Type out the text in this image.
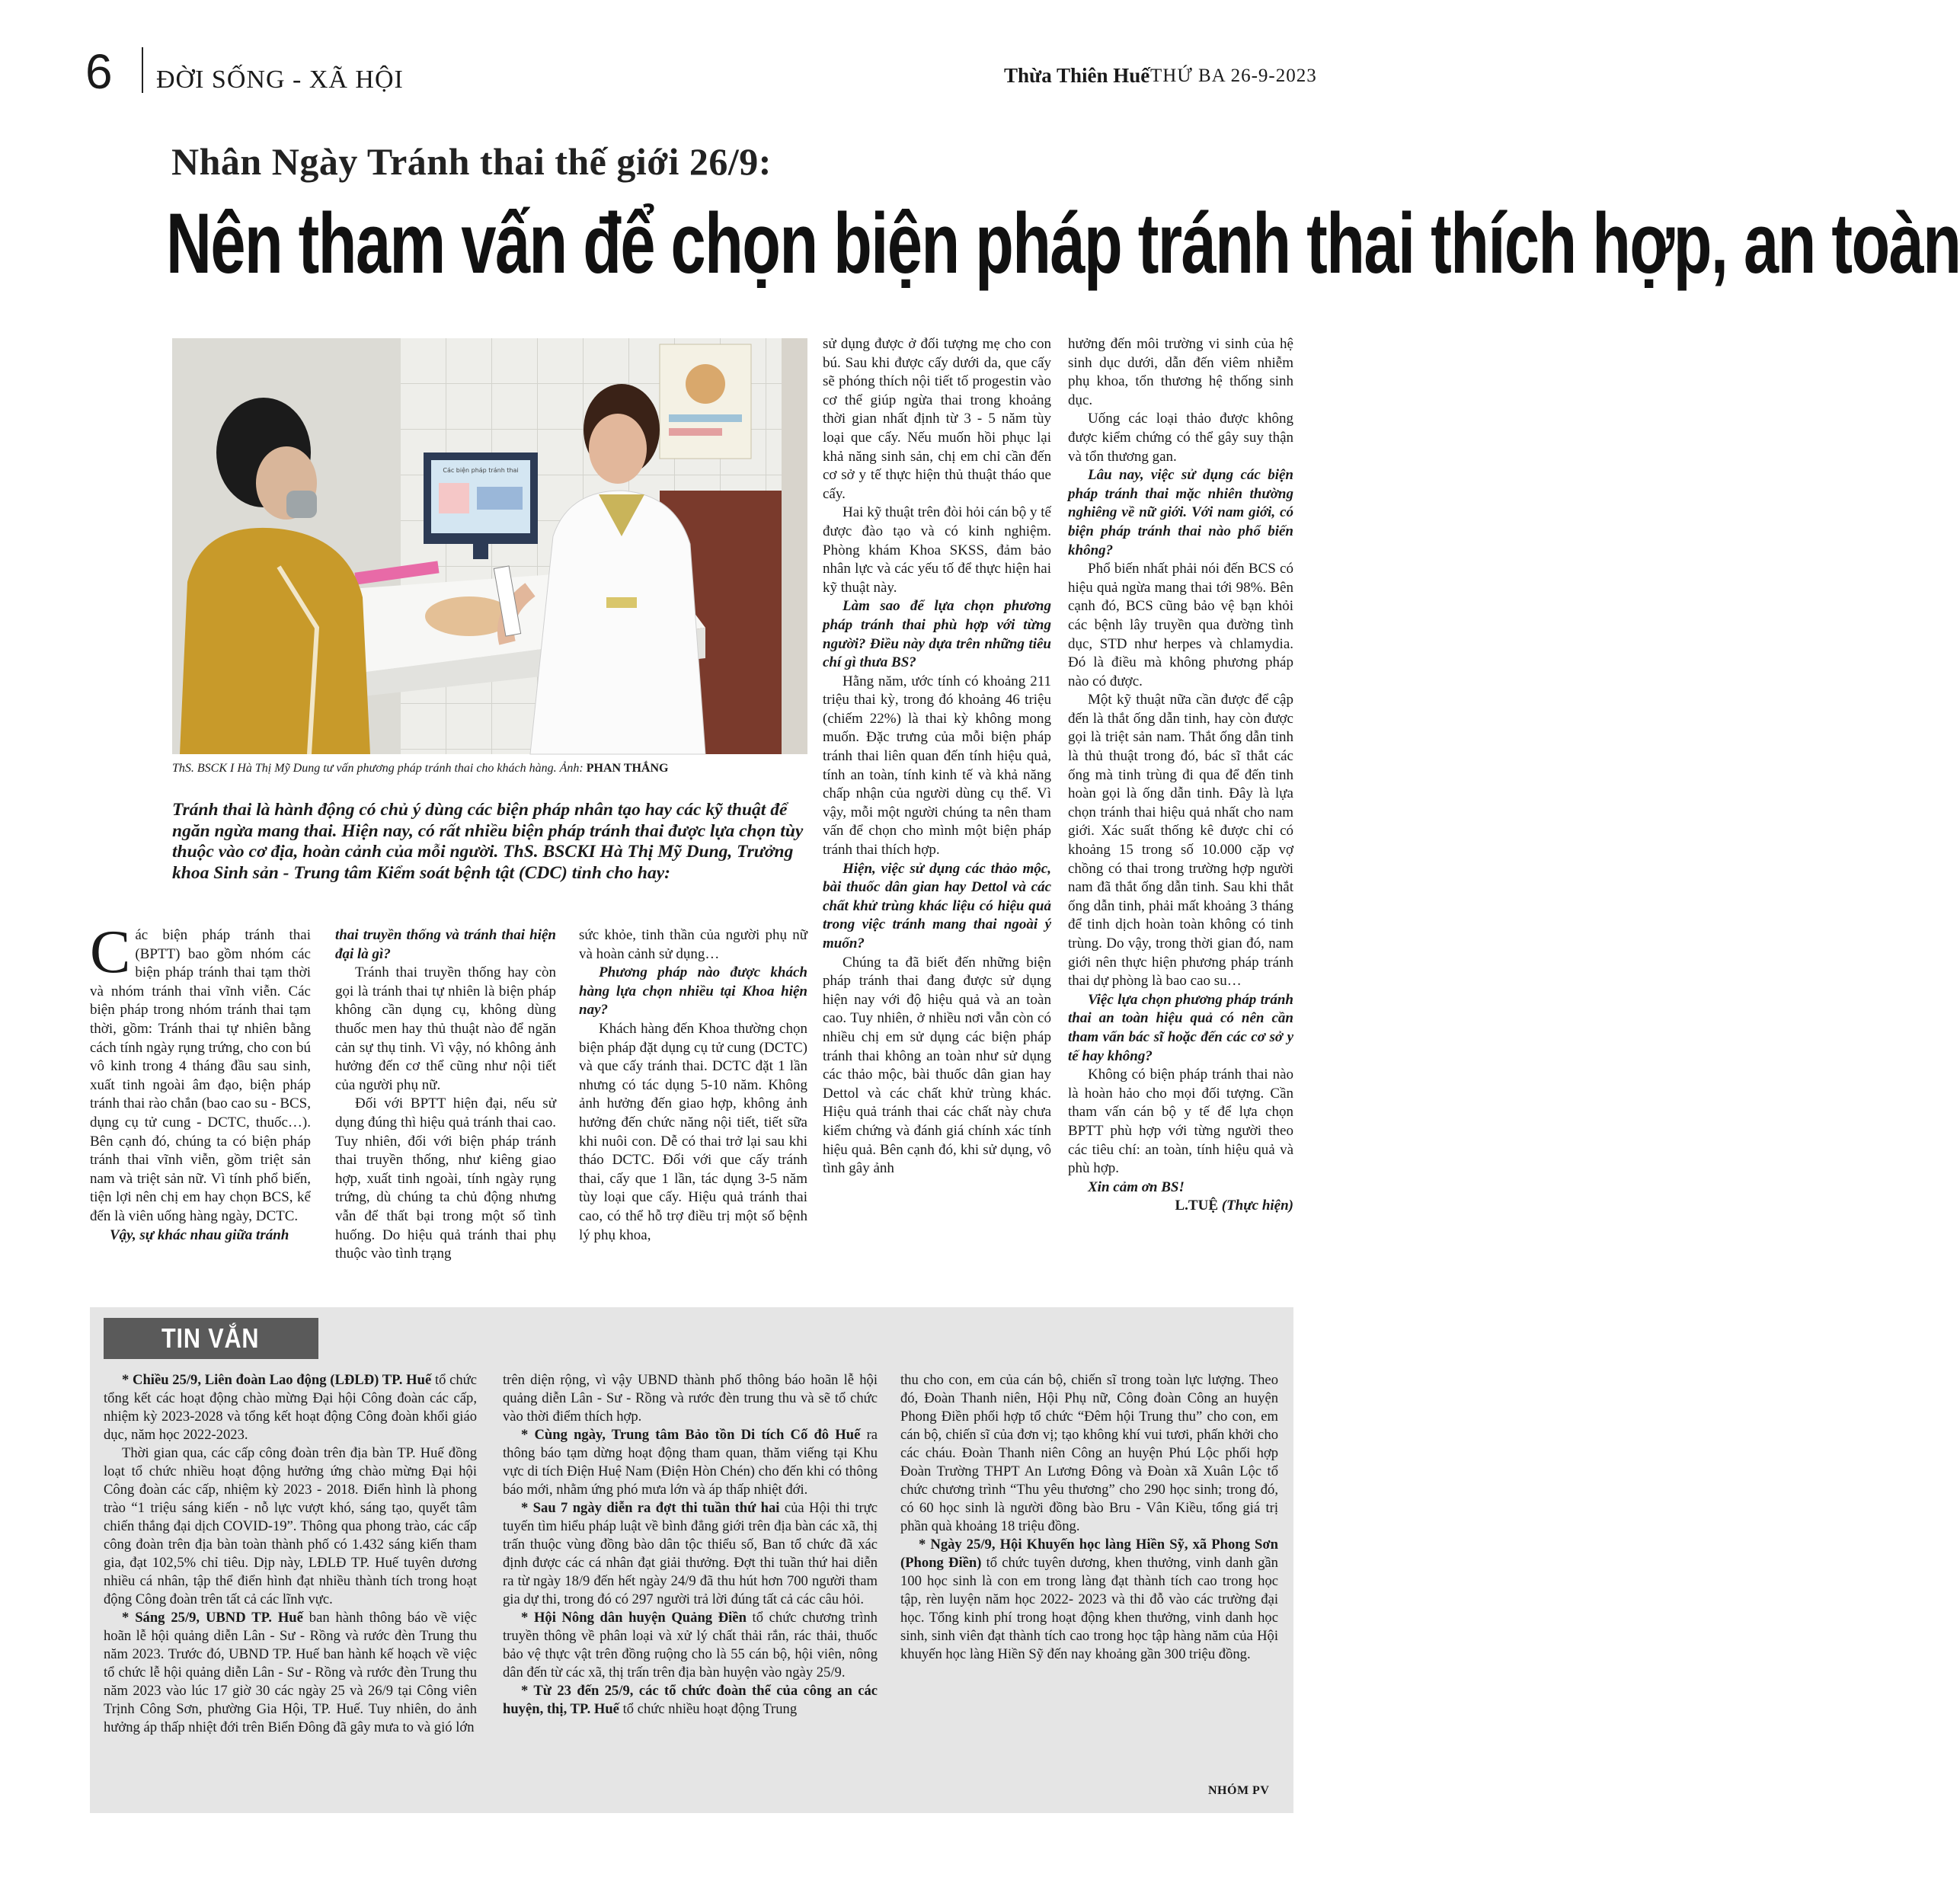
6 ĐỜI SỐNG - XÃ HỘI	Thừa Thiên Huế THỨ BA 26-9-2023
Nhân Ngày Tránh thai thế giới 26/9:
Nên tham vấn để chọn biện pháp tránh thai thích hợp, an toàn
Các biện pháp tránh thai
ThS. BSCK I Hà Thị Mỹ Dung tư vấn phương pháp tránh thai cho khách hàng. Ảnh: PHAN THẮNG
Tránh thai là hành động có chủ ý dùng các biện pháp nhân tạo hay các kỹ thuật để ngăn ngừa mang thai. Hiện nay, có rất nhiều biện pháp tránh thai được lựa chọn tùy thuộc vào cơ địa, hoàn cảnh của mỗi người. ThS. BSCKI Hà Thị Mỹ Dung, Trưởng khoa Sinh sản - Trung tâm Kiểm soát bệnh tật (CDC) tỉnh cho hay:

Các biện pháp tránh thai (BPTT) bao gồm nhóm các biện pháp tránh thai tạm thời và nhóm tránh thai vĩnh viễn. Các biện pháp trong nhóm tránh thai tạm thời, gồm: Tránh thai tự nhiên bằng cách tính ngày rụng trứng, cho con bú vô kinh trong 4 tháng đầu sau sinh, xuất tinh ngoài âm đạo, biện pháp tránh thai rào chắn (bao cao su - BCS, dụng cụ tử cung - DCTC, thuốc…). Bên cạnh đó, chúng ta có biện pháp tránh thai vĩnh viễn, gồm triệt sản nam và triệt sản nữ. Vì tính phổ biến, tiện lợi nên chị em hay chọn BCS, kể đến là viên uống hàng ngày, DCTC.

Vậy, sự khác nhau giữa tránh

thai truyền thống và tránh thai hiện đại là gì?

Tránh thai truyền thống hay còn gọi là tránh thai tự nhiên là biện pháp không cần dụng cụ, không dùng thuốc men hay thủ thuật nào để ngăn cản sự thụ tinh. Vì vậy, nó không ảnh hưởng đến cơ thể cũng như nội tiết của người phụ nữ.

Đối với BPTT hiện đại, nếu sử dụng đúng thì hiệu quả tránh thai cao. Tuy nhiên, đối với biện pháp tránh thai truyền thống, như kiêng giao hợp, xuất tinh ngoài, tính ngày rụng trứng, dù chúng ta chủ động nhưng vẫn để thất bại trong một số tình huống. Do hiệu quả tránh thai phụ thuộc vào tình trạng

sức khỏe, tinh thần của người phụ nữ và hoàn cảnh sử dụng…

Phương pháp nào được khách hàng lựa chọn nhiều tại Khoa hiện nay?

Khách hàng đến Khoa thường chọn biện pháp đặt dụng cụ tử cung (DCTC) và que cấy tránh thai. DCTC đặt 1 lần nhưng có tác dụng 5-10 năm. Không ảnh hưởng đến giao hợp, không ảnh hưởng đến chức năng nội tiết, tiết sữa khi nuôi con. Dễ có thai trở lại sau khi tháo DCTC. Đối với que cấy tránh thai, cấy que 1 lần, tác dụng 3-5 năm tùy loại que cấy. Hiệu quả tránh thai cao, có thể hỗ trợ điều trị một số bệnh lý phụ khoa,

sử dụng được ở đối tượng mẹ cho con bú. Sau khi được cấy dưới da, que cấy sẽ phóng thích nội tiết tố progestin vào cơ thể giúp ngừa thai trong khoảng thời gian nhất định từ 3 - 5 năm tùy loại que cấy. Nếu muốn hồi phục lại khả năng sinh sản, chị em chỉ cần đến cơ sở y tế thực hiện thủ thuật tháo que cấy.

Hai kỹ thuật trên đòi hỏi cán bộ y tế được đào tạo và có kinh nghiệm. Phòng khám Khoa SKSS, đảm bảo nhân lực và các yếu tố để thực hiện hai kỹ thuật này.

Làm sao để lựa chọn phương pháp tránh thai phù hợp với từng người? Điều này dựa trên những tiêu chí gì thưa BS?

Hằng năm, ước tính có khoảng 211 triệu thai kỳ, trong đó khoảng 46 triệu (chiếm 22%) là thai kỳ không mong muốn. Đặc trưng của mỗi biện pháp tránh thai liên quan đến tính hiệu quả, tính an toàn, tính kinh tế và khả năng chấp nhận của người dùng cụ thể. Vì vậy, mỗi một người chúng ta nên tham vấn để chọn cho mình một biện pháp tránh thai thích hợp.

Hiện, việc sử dụng các thảo mộc, bài thuốc dân gian hay Dettol và các chất khử trùng khác liệu có hiệu quả trong việc tránh mang thai ngoài ý muốn?

Chúng ta đã biết đến những biện pháp tránh thai đang được sử dụng hiện nay với độ hiệu quả và an toàn cao. Tuy nhiên, ở nhiều nơi vẫn còn có nhiều chị em sử dụng các biện pháp tránh thai không an toàn như sử dụng các thảo mộc, bài thuốc dân gian hay Dettol và các chất khử trùng khác. Hiệu quả tránh thai các chất này chưa kiểm chứng và đánh giá chính xác tính hiệu quả. Bên cạnh đó, khi sử dụng, vô tình gây ảnh

hưởng đến môi trường vi sinh của hệ sinh dục dưới, dẫn đến viêm nhiễm phụ khoa, tổn thương hệ thống sinh dục.

Uống các loại thảo được không được kiểm chứng có thể gây suy thận và tổn thương gan.

Lâu nay, việc sử dụng các biện pháp tránh thai mặc nhiên thường nghiêng về nữ giới. Với nam giới, có biện pháp tránh thai nào phổ biến không?

Phổ biến nhất phải nói đến BCS có hiệu quả ngừa mang thai tới 98%. Bên cạnh đó, BCS cũng bảo vệ bạn khỏi các bệnh lây truyền qua đường tình dục, STD như herpes và chlamydia. Đó là điều mà không phương pháp nào có được.

Một kỹ thuật nữa cần được để cập đến là thắt ống dẫn tinh, hay còn được gọi là triệt sản nam. Thắt ống dẫn tinh là thủ thuật trong đó, bác sĩ thắt các ống mà tinh trùng đi qua để đến tinh hoàn gọi là ống dẫn tinh. Đây là lựa chọn tránh thai hiệu quả nhất cho nam giới. Xác suất thống kê được chỉ có khoảng 15 trong số 10.000 cặp vợ chồng có thai trong trường hợp người nam đã thắt ống dẫn tinh. Sau khi thắt ống dẫn tinh, phải mất khoảng 3 tháng để tinh dịch hoàn toàn không có tinh trùng. Do vậy, trong thời gian đó, nam giới nên thực hiện phương pháp tránh thai dự phòng là bao cao su…

Việc lựa chọn phương pháp tránh thai an toàn hiệu quả có nên cần tham vấn bác sĩ hoặc đến các cơ sở y tế hay không?

Không có biện pháp tránh thai nào là hoàn hảo cho mọi đối tượng. Cần tham vấn cán bộ y tế để lựa chọn BPTT phù hợp với từng người theo các tiêu chí: an toàn, tính hiệu quả và phù hợp.

Xin cảm ơn BS!

L.TUỆ (Thực hiện)

TIN VẮN

* Chiều 25/9, Liên đoàn Lao động (LĐLĐ) TP. Huế tổ chức tổng kết các hoạt động chào mừng Đại hội Công đoàn các cấp, nhiệm kỳ 2023-2028 và tổng kết hoạt động Công đoàn khối giáo dục, năm học 2022-2023.

Thời gian qua, các cấp công đoàn trên địa bàn TP. Huế đồng loạt tổ chức nhiều hoạt động hưởng ứng chào mừng Đại hội Công đoàn các cấp, nhiệm kỳ 2023 - 2018. Điển hình là phong trào “1 triệu sáng kiến - nỗ lực vượt khó, sáng tạo, quyết tâm chiến thắng đại dịch COVID-19”. Thông qua phong trào, các cấp công đoàn trên địa bàn toàn thành phố có 1.432 sáng kiến tham gia, đạt 102,5% chỉ tiêu. Dịp này, LĐLĐ TP. Huế tuyên dương nhiều cá nhân, tập thể điển hình đạt nhiều thành tích trong hoạt động Công đoàn trên tất cả các lĩnh vực.

* Sáng 25/9, UBND TP. Huế ban hành thông báo về việc hoãn lễ hội quảng diễn Lân - Sư - Rồng và rước đèn Trung thu năm 2023. Trước đó, UBND TP. Huế ban hành kế hoạch về việc tổ chức lễ hội quảng diễn Lân - Sư - Rồng và rước đèn Trung thu năm 2023 vào lúc 17 giờ 30 các ngày 25 và 26/9 tại Công viên Trịnh Công Sơn, phường Gia Hội, TP. Huế. Tuy nhiên, do ảnh hưởng áp thấp nhiệt đới trên Biển Đông đã gây mưa to và gió lớn

trên diện rộng, vì vậy UBND thành phố thông báo hoãn lễ hội quảng diễn Lân - Sư - Rồng và rước đèn trung thu và sẽ tổ chức vào thời điểm thích hợp.

* Cùng ngày, Trung tâm Bảo tồn Di tích Cố đô Huế ra thông báo tạm dừng hoạt động tham quan, thăm viếng tại Khu vực di tích Điện Huệ Nam (Điện Hòn Chén) cho đến khi có thông báo mới, nhằm ứng phó mưa lớn và áp thấp nhiệt đới.

* Sau 7 ngày diễn ra đợt thi tuần thứ hai của Hội thi trực tuyến tìm hiểu pháp luật về bình đẳng giới trên địa bàn các xã, thị trấn thuộc vùng đồng bào dân tộc thiểu số, Ban tổ chức đã xác định được các cá nhân đạt giải thưởng. Đợt thi tuần thứ hai diễn ra từ ngày 18/9 đến hết ngày 24/9 đã thu hút hơn 700 người tham gia dự thi, trong đó có 297 người trả lời đúng tất cả các câu hỏi.

* Hội Nông dân huyện Quảng Điền tổ chức chương trình truyền thông về phân loại và xử lý chất thải rắn, rác thải, thuốc bảo vệ thực vật trên đồng ruộng cho là 55 cán bộ, hội viên, nông dân đến từ các xã, thị trấn trên địa bàn huyện vào ngày 25/9.

* Từ 23 đến 25/9, các tổ chức đoàn thể của công an các huyện, thị, TP. Huế tổ chức nhiều hoạt động Trung

thu cho con, em của cán bộ, chiến sĩ trong toàn lực lượng. Theo đó, Đoàn Thanh niên, Hội Phụ nữ, Công đoàn Công an huyện Phong Điền phối hợp tổ chức “Đêm hội Trung thu” cho con, em cán bộ, chiến sĩ của đơn vị; tạo không khí vui tươi, phấn khởi cho các cháu. Đoàn Thanh niên Công an huyện Phú Lộc phối hợp Đoàn Trường THPT An Lương Đông và Đoàn xã Xuân Lộc tổ chức chương trình “Thu yêu thương” cho 290 học sinh; trong đó, có 60 học sinh là người đồng bào Bru - Vân Kiều, tổng giá trị phần quà khoảng 18 triệu đồng.

* Ngày 25/9, Hội Khuyến học làng Hiền Sỹ, xã Phong Sơn (Phong Điền) tổ chức tuyên dương, khen thưởng, vinh danh gần 100 học sinh là con em trong làng đạt thành tích cao trong học tập, rèn luyện năm học 2022- 2023 và thi đỗ vào các trường đại học. Tổng kinh phí trong hoạt động khen thưởng, vinh danh học sinh, sinh viên đạt thành tích cao trong học tập hàng năm của Hội khuyến học làng Hiền Sỹ đến nay khoảng gần 300 triệu đồng.

NHÓM PV
